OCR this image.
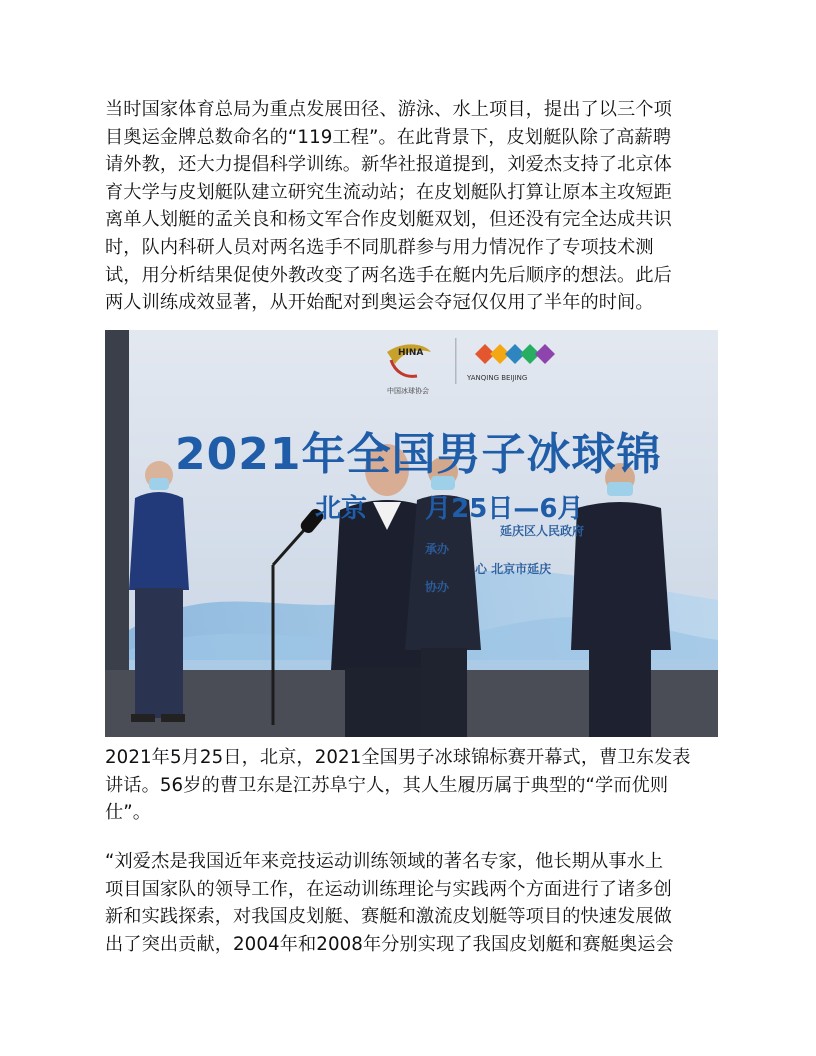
当时国家体育总局为重点发展田径、游泳、水上项目，提出了以三个项
目奥运金牌总数命名的“119工程”。在此背景下，皮划艇队除了高薪聘
请外教，还大力提倡科学训练。新华社报道提到，刘爱杰支持了北京体
育大学与皮划艇队建立研究生流动站；在皮划艇队打算让原本主攻短距
离单人划艇的孟关良和杨文军合作皮划艇双划，但还没有完全达成共识
时，队内科研人员对两名选手不同肌群参与用力情况作了专项技术测
试，用分析结果促使外教改变了两名选手在艇内先后顺序的想法。此后
两人训练成效显著，从开始配对到奥运会夺冠仅仅用了半年的时间。

2021年全国男子冰球锦
北京 月25日—6月
延庆区人民政府
承办
心 北京市延庆
协办
HINA
中国冰球协会
YANQING BEIJING

2021年5月25日，北京，2021全国男子冰球锦标赛开幕式，曹卫东发表
讲话。56岁的曹卫东是江苏阜宁人，其人生履历属于典型的“学而优则
仕”。

“刘爱杰是我国近年来竞技运动训练领域的著名专家，他长期从事水上
项目国家队的领导工作，在运动训练理论与实践两个方面进行了诸多创
新和实践探索，对我国皮划艇、赛艇和激流皮划艇等项目的快速发展做
出了突出贡献，2004年和2008年分别实现了我国皮划艇和赛艇奥运会
